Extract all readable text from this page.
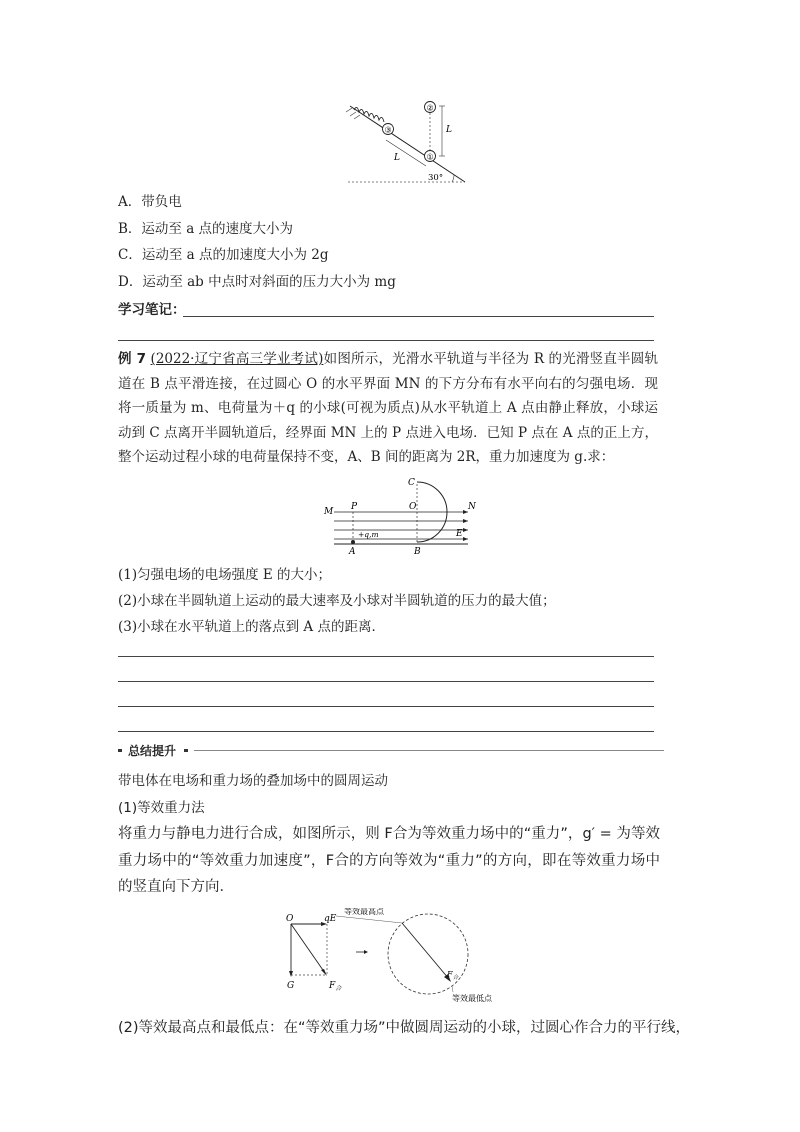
③
②
①
L
L
30°
A．带负电
B．运动至 a 点的速度大小为
C．运动至 a 点的加速度大小为 2g
D．运动至 ab 中点时对斜面的压力大小为 mg
学习笔记：
例 7 (2022·辽宁省高三学业考试)如图所示，光滑水平轨道与半径为 R 的光滑竖直半圆轨道在 B 点平滑连接，在过圆心 O 的水平界面 MN 的下方分布有水平向右的匀强电场．现将一质量为 m、电荷量为＋q 的小球(可视为质点)从水平轨道上 A 点由静止释放，小球运动到 C 点离开半圆轨道后，经界面 MN 上的 P 点进入电场．已知 P 点在 A 点的正上方，整个运动过程小球的电荷量保持不变，A、B 间的距离为 2R，重力加速度为 g.求：
C
M P	O	N
E
+q,m
A	B
(1)匀强电场的电场强度 E 的大小；
(2)小球在半圆轨道上运动的最大速率及小球对半圆轨道的压力的最大值；
(3)小球在水平轨道上的落点到 A 点的距离．
总结提升
带电体在电场和重力场的叠加场中的圆周运动
(1)等效重力法
将重力与静电力进行合成，如图所示，则 F合为等效重力场中的“重力”，g′ = 为等效重力场中的“等效重力加速度”，F合的方向等效为“重力”的方向，即在等效重力场中的竖直向下方向．
O	qE
G	$F_合$
$F_合$
等效最高点
等效最低点
(2)等效最高点和最低点：在“等效重力场”中做圆周运动的小球，过圆心作合力的平行线，
